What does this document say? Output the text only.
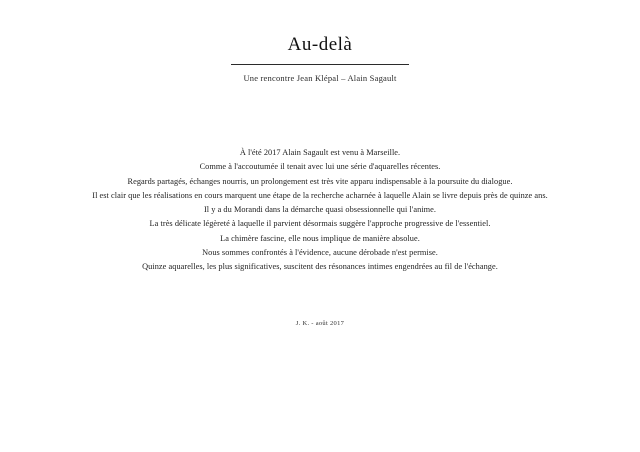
Au-delà

Une rencontre Jean Klépal – Alain Sagault

À l'été 2017 Alain Sagault est venu à Marseille.

Comme à l'accoutumée il tenait avec lui une série d'aquarelles récentes.

Regards partagés, échanges nourris, un prolongement est très vite apparu indispensable à la poursuite du dialogue.

Il est clair que les réalisations en cours marquent une étape de la recherche acharnée à laquelle Alain se livre depuis près de quinze ans.

Il y a du Morandi dans la démarche quasi obsessionnelle qui l'anime.

La très délicate légèreté à laquelle il parvient désormais suggère l'approche progressive de l'essentiel.

La chimère fascine, elle nous implique de manière absolue.

Nous sommes confrontés à l'évidence, aucune dérobade n'est permise.

Quinze aquarelles, les plus significatives, suscitent des résonances intimes engendrées au fil de l'échange.

J. K. - août 2017
